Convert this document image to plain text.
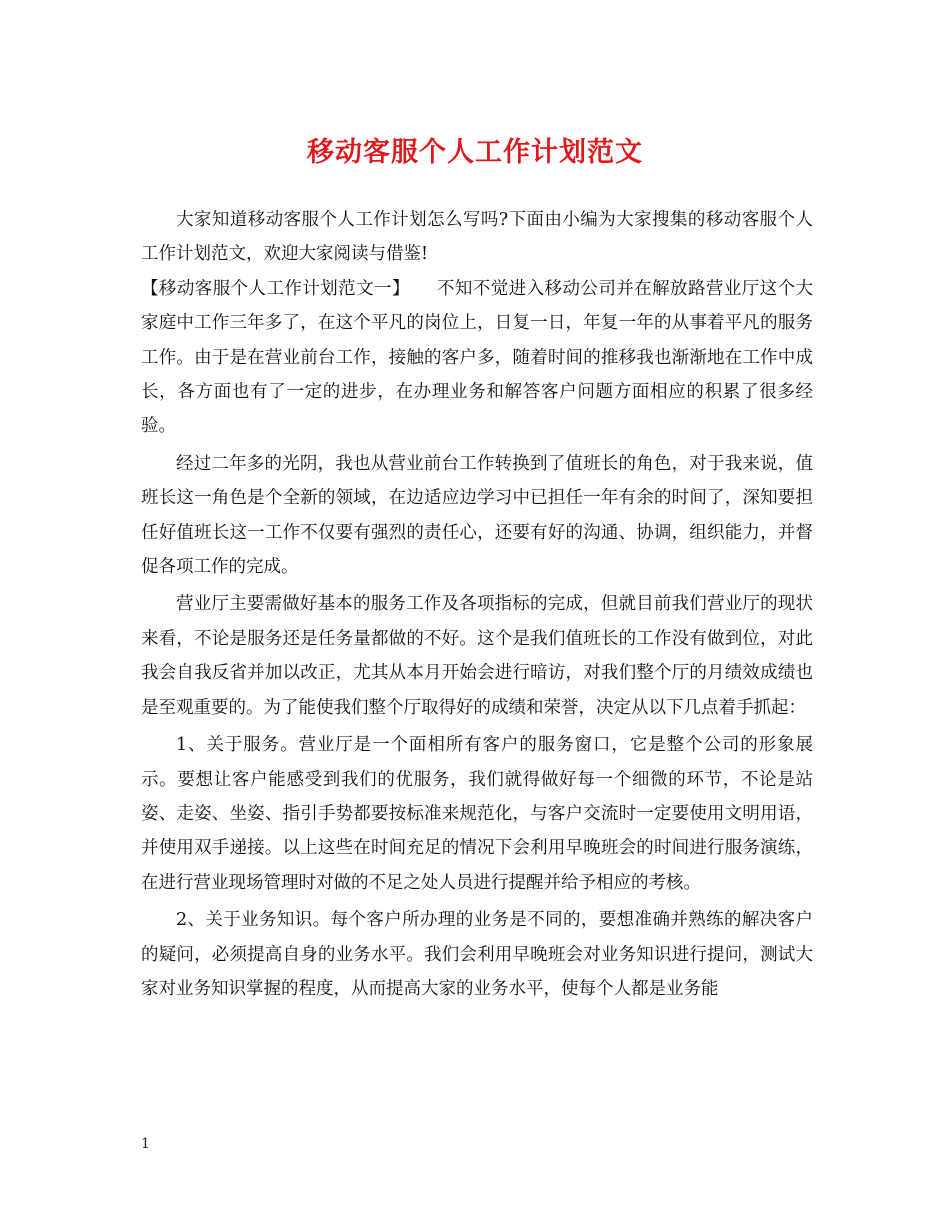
移动客服个人工作计划范文

大家知道移动客服个人工作计划怎么写吗?下面由小编为大家搜集的移动客服个人工作计划范文，欢迎大家阅读与借鉴!

【移动客服个人工作计划范文一】　　不知不觉进入移动公司并在解放路营业厅这个大家庭中工作三年多了，在这个平凡的岗位上，日复一日，年复一年的从事着平凡的服务工作。由于是在营业前台工作，接触的客户多，随着时间的推移我也渐渐地在工作中成长，各方面也有了一定的进步，在办理业务和解答客户问题方面相应的积累了很多经验。

经过二年多的光阴，我也从营业前台工作转换到了值班长的角色，对于我来说，值班长这一角色是个全新的领域，在边适应边学习中已担任一年有余的时间了，深知要担任好值班长这一工作不仅要有强烈的责任心，还要有好的沟通、协调，组织能力，并督促各项工作的完成。

营业厅主要需做好基本的服务工作及各项指标的完成，但就目前我们营业厅的现状来看，不论是服务还是任务量都做的不好。这个是我们值班长的工作没有做到位，对此我会自我反省并加以改正，尤其从本月开始会进行暗访，对我们整个厅的月绩效成绩也是至观重要的。为了能使我们整个厅取得好的成绩和荣誉，决定从以下几点着手抓起：

1、关于服务。营业厅是一个面相所有客户的服务窗口，它是整个公司的形象展示。要想让客户能感受到我们的优服务，我们就得做好每一个细微的环节，不论是站姿、走姿、坐姿、指引手势都要按标准来规范化，与客户交流时一定要使用文明用语，并使用双手递接。以上这些在时间充足的情况下会利用早晚班会的时间进行服务演练，在进行营业现场管理时对做的不足之处人员进行提醒并给予相应的考核。

2、关于业务知识。每个客户所办理的业务是不同的，要想准确并熟练的解决客户的疑问，必须提高自身的业务水平。我们会利用早晚班会对业务知识进行提问，测试大家对业务知识掌握的程度，从而提高大家的业务水平，使每个人都是业务能

1
